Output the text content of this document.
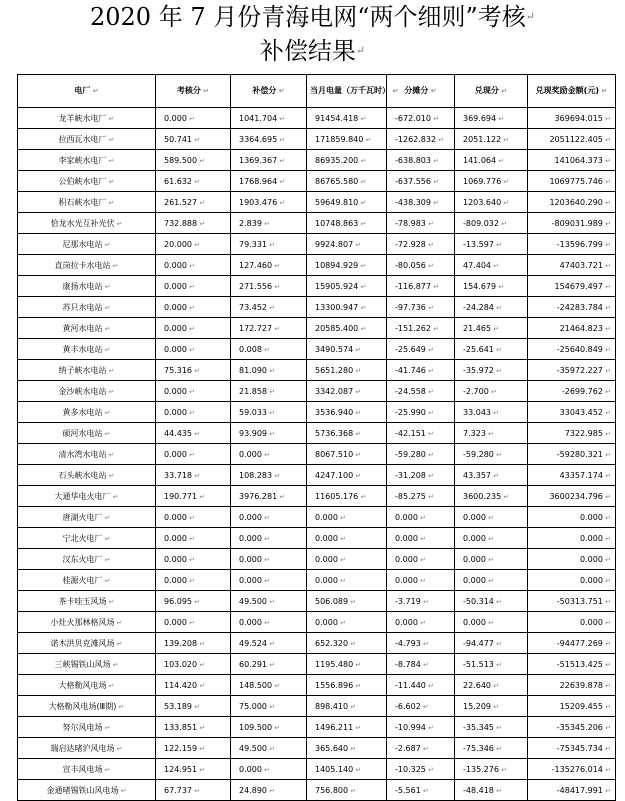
2020 年 7 月份青海电网“两个细则”考核↵
补偿结果↵
电厂 ↵	考核分 ↵	补偿分 ↵	当月电量（万千瓦时） ↵	分摊分 ↵	兑现分 ↵	兑现奖励金额(元) ↵
龙羊峡水电厂 ↵	0.000 ↵	1041.704 ↵	91454.418 ↵	-672.010 ↵	369.694 ↵	369694.015 ↵
拉西瓦水电厂 ↵	50.741 ↵	3364.695 ↵	171859.840 ↵	-1262.832 ↵	2051.122 ↵	2051122.405 ↵
李家峡水电厂 ↵	589.500 ↵	1369.367 ↵	86935.200 ↵	-638.803 ↵	141.064 ↵	141064.373 ↵
公伯峡水电厂 ↵	61.632 ↵	1768.964 ↵	86765.580 ↵	-637.556 ↵	1069.776 ↵	1069775.746 ↵
积石峡水电厂 ↵	261.527 ↵	1903.476 ↵	59649.810 ↵	-438.309 ↵	1203.640 ↵	1203640.290 ↵
恰龙水光互补光伏 ↵	732.888 ↵	2.839 ↵	10748.863 ↵	-78.983 ↵	-809.032 ↵	-809031.989 ↵
尼那水电站 ↵	20.000 ↵	79.331 ↵	9924.807 ↵	-72.928 ↵	-13.597 ↵	-13596.799 ↵
直岗拉卡水电站 ↵	0.000 ↵	127.460 ↵	10894.929 ↵	-80.056 ↵	47.404 ↵	47403.721 ↵
康扬水电站 ↵	0.000 ↵	271.556 ↵	15905.924 ↵	-116.877 ↵	154.679 ↵	154679.497 ↵
苏只水电站 ↵	0.000 ↵	73.452 ↵	13300.947 ↵	-97.736 ↵	-24.284 ↵	-24283.784 ↵
黄河水电站 ↵	0.000 ↵	172.727 ↵	20585.400 ↵	-151.262 ↵	21.465 ↵	21464.823 ↵
黄丰水电站 ↵	0.000 ↵	0.008 ↵	3490.574 ↵	-25.649 ↵	-25.641 ↵	-25640.849 ↵
纳子峡水电站 ↵	75.316 ↵	81.090 ↵	5651.280 ↵	-41.746 ↵	-35.972 ↵	-35972.227 ↵
金沙峡水电站 ↵	0.000 ↵	21.858 ↵	3342.087 ↵	-24.558 ↵	-2.700 ↵	-2699.762 ↵
黄多水电站 ↵	0.000 ↵	59.033 ↵	3536.940 ↵	-25.990 ↵	33.043 ↵	33043.452 ↵
硕河水电站 ↵	44.435 ↵	93.909 ↵	5736.368 ↵	-42.151 ↵	7.323 ↵	7322.985 ↵
清水湾水电站 ↵	0.000 ↵	0.000 ↵	8067.510 ↵	-59.280 ↵	-59.280 ↵	-59280.321 ↵
石头峡水电站 ↵	33.718 ↵	108.283 ↵	4247.100 ↵	-31.208 ↵	43.357 ↵	43357.174 ↵
大通华电火电厂 ↵	190.771 ↵	3976.281 ↵	11605.176 ↵	-85.275 ↵	3600.235 ↵	3600234.796 ↵
唐湖火电厂 ↵	0.000 ↵	0.000 ↵	0.000 ↵	0.000 ↵	0.000 ↵	0.000 ↵
宁北火电厂 ↵	0.000 ↵	0.000 ↵	0.000 ↵	0.000 ↵	0.000 ↵	0.000 ↵
汉东火电厂 ↵	0.000 ↵	0.000 ↵	0.000 ↵	0.000 ↵	0.000 ↵	0.000 ↵
桂源火电厂 ↵	0.000 ↵	0.000 ↵	0.000 ↵	0.000 ↵	0.000 ↵	0.000 ↵
茶卡哇玉风场 ↵	96.095 ↵	49.500 ↵	506.089 ↵	-3.719 ↵	-50.314 ↵	-50313.751 ↵
小灶火那林格风场 ↵	0.000 ↵	0.000 ↵	0.000 ↵	0.000 ↵	0.000 ↵	0.000 ↵
诺木洪贝克滩风场 ↵	139.208 ↵	49.524 ↵	652.320 ↵	-4.793 ↵	-94.477 ↵	-94477.269 ↵
三峡锡铁山风场 ↵	103.020 ↵	60.291 ↵	1195.480 ↵	-8.784 ↵	-51.513 ↵	-51513.425 ↵
大格勒风电场 ↵	114.420 ↵	148.500 ↵	1556.896 ↵	-11.440 ↵	22.640 ↵	22639.878 ↵
大格勒风电场(Ⅲ期) ↵	53.189 ↵	75.000 ↵	898.410 ↵	-6.602 ↵	15.209 ↵	15209.455 ↵
努尔风电场 ↵	133.851 ↵	109.500 ↵	1496.211 ↵	-10.994 ↵	-35.345 ↵	-35345.206 ↵
瑞启达啫沪风电场 ↵	122.159 ↵	49.500 ↵	365.640 ↵	-2.687 ↵	-75.346 ↵	-75345.734 ↵
宣丰风电场 ↵	124.951 ↵	0.000 ↵	1405.140 ↵	-10.325 ↵	-135.276 ↵	-135276.014 ↵
金通啫锡铁山风电场 ↵	67.737 ↵	24.890 ↵	756.800 ↵	-5.561 ↵	-48.418 ↵	-48417.991 ↵
